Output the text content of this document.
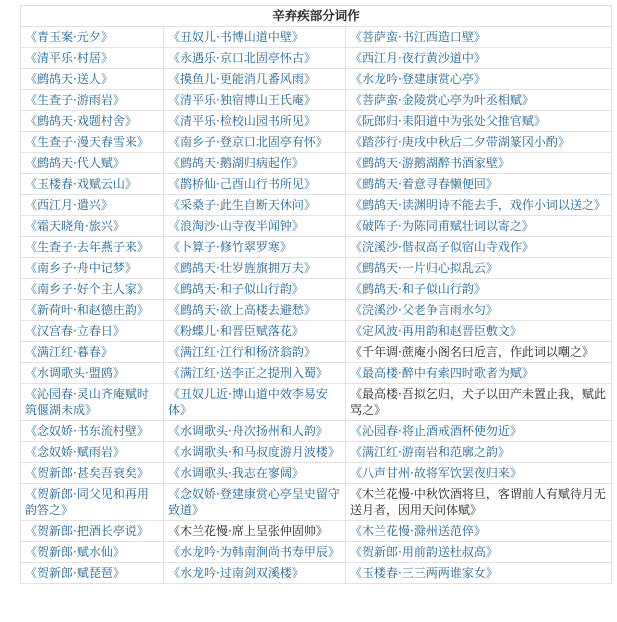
辛弃疾部分词作		
《青玉案·元夕》	《丑奴儿·书博山道中壁》	《菩萨蛮·书江西造口壁》
《清平乐·村居》	《永遇乐·京口北固亭怀古》	《西江月·夜行黄沙道中》
《鹧鸪天·送人》	《摸鱼儿·更能消几番风雨》	《水龙吟·登建康赏心亭》
《生查子·游雨岩》	《清平乐·独宿博山王氏庵》	《菩萨蛮·金陵赏心亭为叶丞相赋》
《鹧鸪天·戏题村舍》	《清平乐·检校山园书所见》	《阮郎归·耒阳道中为张处父推官赋》
《生查子·漫天春雪来》	《南乡子·登京口北固亭有怀》	《踏莎行·庚戌中秋后二夕带湖篆冈小酌》
《鹧鸪天·代人赋》	《鹧鸪天·鹅湖归病起作》	《鹧鸪天·游鹅湖醉书酒家壁》
《玉楼春·戏赋云山》	《鹊桥仙·己酉山行书所见》	《鹧鸪天·着意寻春懒便回》
《西江月·遣兴》	《采桑子·此生自断天休问》	《鹧鸪天·读渊明诗不能去手，戏作小词以送之》
《霜天晓角·旅兴》	《浪淘沙·山寺夜半闻钟》	《破阵子·为陈同甫赋壮词以寄之》
《生查子·去年燕子来》	《卜算子·修竹翠罗寒》	《浣溪沙·偕叔高子似宿山寺戏作》
《南乡子·舟中记梦》	《鹧鸪天·壮岁旌旗拥万夫》	《鹧鸪天·一片归心拟乱云》
《南乡子·好个主人家》	《鹧鸪天·和子似山行韵》	《鹧鸪天·和子似山行韵》
《新荷叶·和赵德庄韵》	《鹧鸪天·欲上高楼去避愁》	《浣溪沙·父老争言雨水匀》
《汉宫春·立春日》	《粉蝶儿·和晋臣赋落花》	《定风波·再用韵和赵晋臣敷文》
《满江红·暮春》	《满江红·江行和杨济翁韵》	《千年调·蔗庵小阁名曰卮言，作此词以嘲之》
《水调歌头·盟鸥》	《满江红·送李正之提刑入蜀》	《最高楼·醉中有索四时歌者为赋》
《沁园春·灵山齐庵赋时筑偃湖未成》	《丑奴儿近·博山道中效李易安体》	《最高楼·吾拟乞归，犬子以田产未置止我，赋此骂之》
《念奴娇·书东流村壁》	《水调歌头·舟次扬州和人韵》	《沁园春·将止酒戒酒杯使勿近》
《念奴娇·赋雨岩》	《水调歌头·和马叔度游月波楼》	《满江红·游南岩和范廓之韵》
《贺新郎·甚矣吾衰矣》	《水调歌头·我志在寥阔》	《八声甘州·故将军饮罢夜归来》
《贺新郎·同父见和再用韵答之》	《念奴娇·登建康赏心亭呈史留守致道》	《木兰花慢·中秋饮酒将旦，客谓前人有赋待月无送月者，因用天问体赋》
《贺新郎·把酒长亭说》	《木兰花慢·席上呈张仲固帅》	《木兰花慢·滁州送范倅》
《贺新郎·赋水仙》	《水龙吟·为韩南涧尚书寿甲辰》	《贺新郎·用前韵送杜叔高》
《贺新郎·赋琵琶》	《水龙吟·过南剑双溪楼》	《玉楼春·三三两两谁家女》
